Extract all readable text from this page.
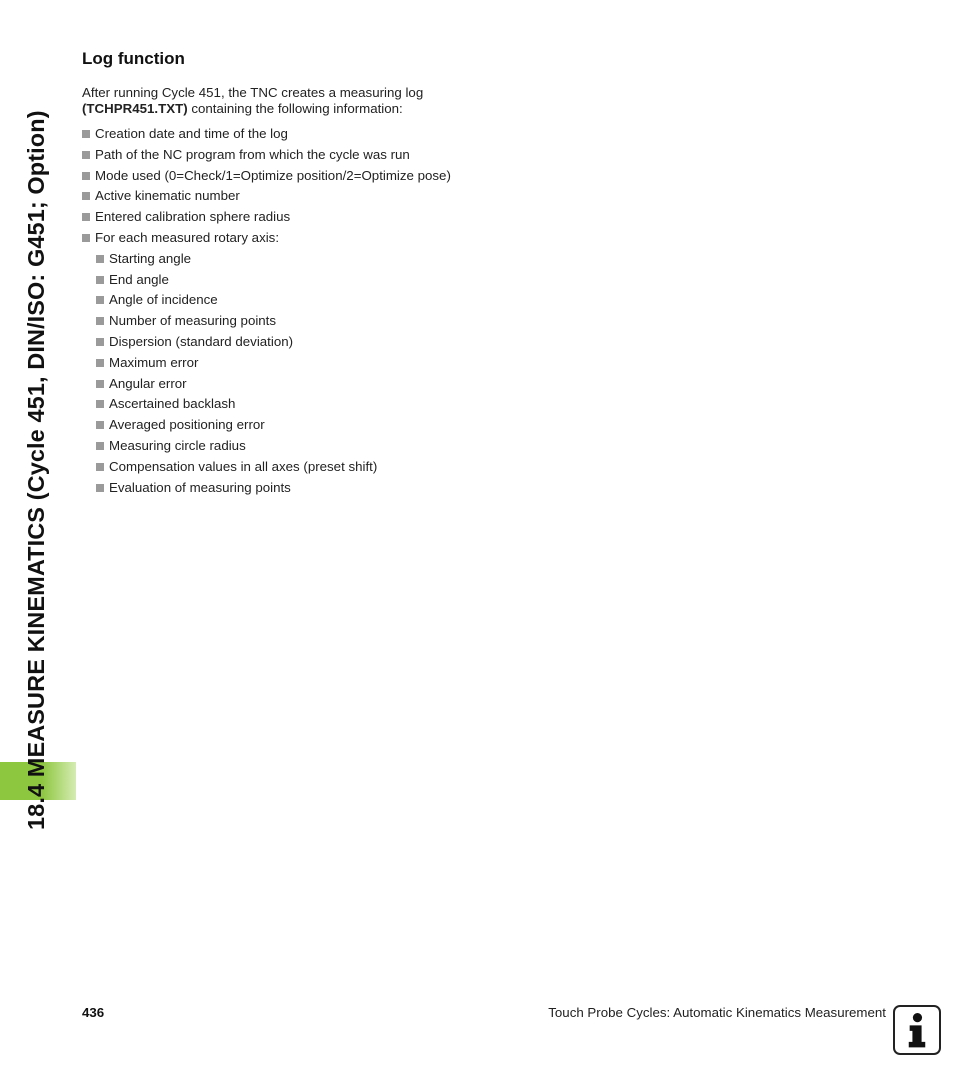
18.4 MEASURE KINEMATICS (Cycle 451, DIN/ISO: G451; Option)
Log function

After running Cycle 451, the TNC creates a measuring log
(TCHPR451.TXT) containing the following information:

Creation date and time of the log
Path of the NC program from which the cycle was run
Mode used (0=Check/1=Optimize position/2=Optimize pose)
Active kinematic number
Entered calibration sphere radius
For each measured rotary axis:
Starting angle
End angle
Angle of incidence
Number of measuring points
Dispersion (standard deviation)
Maximum error
Angular error
Ascertained backlash
Averaged positioning error
Measuring circle radius
Compensation values in all axes (preset shift)
Evaluation of measuring points
436	Touch Probe Cycles: Automatic Kinematics Measurement
